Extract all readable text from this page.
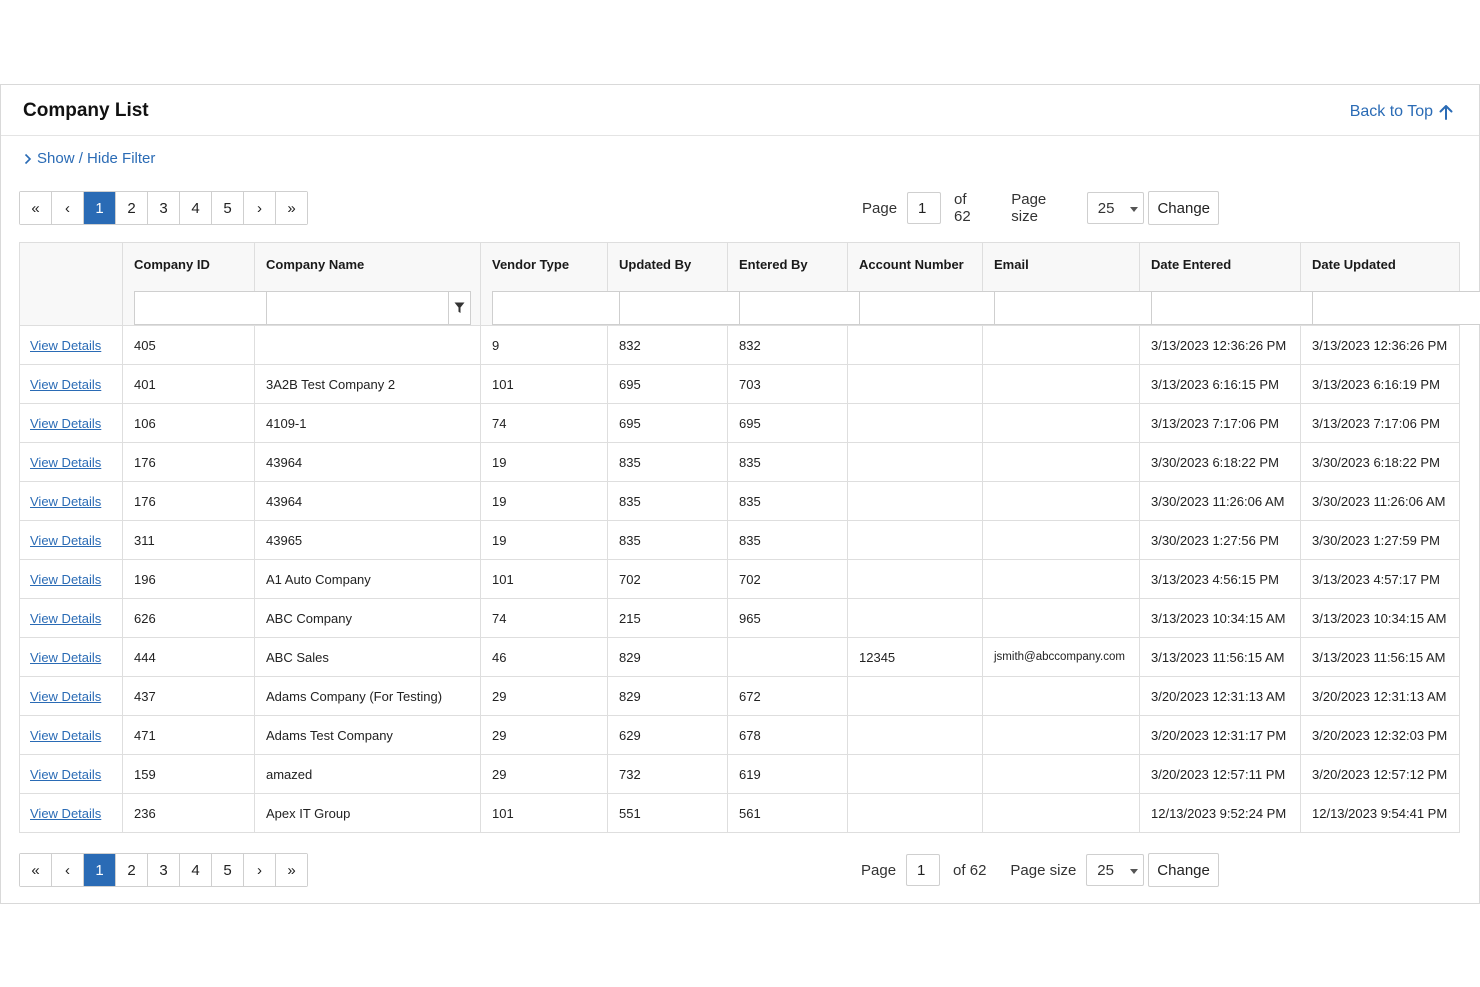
Company List	Back to Top
Show / Hide Filter
«	‹	1	2	3	4	5	›	»	Page
1	of 62
Page size	25	Change

	Company ID	Company Name	Vendor Type	Updated By	Entered By	Account Number	Email	Date Entered	Date Updated

View Details	405		9	832	832			3/13/2023 12:36:26 PM	3/13/2023 12:36:26 PM
View Details	401	3A2B Test Company 2	101	695	703			3/13/2023 6:16:15 PM	3/13/2023 6:16:19 PM
View Details	106	4109-1	74	695	695			3/13/2023 7:17:06 PM	3/13/2023 7:17:06 PM
View Details	176	43964	19	835	835			3/30/2023 6:18:22 PM	3/30/2023 6:18:22 PM
View Details	176	43964	19	835	835			3/30/2023 11:26:06 AM	3/30/2023 11:26:06 AM
View Details	311	43965	19	835	835			3/30/2023 1:27:56 PM	3/30/2023 1:27:59 PM
View Details	196	A1 Auto Company	101	702	702			3/13/2023 4:56:15 PM	3/13/2023 4:57:17 PM
View Details	626	ABC Company	74	215	965			3/13/2023 10:34:15 AM	3/13/2023 10:34:15 AM
View Details	444	ABC Sales	46	829		12345	jsmith@abccompany.com	3/13/2023 11:56:15 AM	3/13/2023 11:56:15 AM
View Details	437	Adams Company (For Testing)	29	829	672			3/20/2023 12:31:13 AM	3/20/2023 12:31:13 AM
View Details	471	Adams Test Company	29	629	678			3/20/2023 12:31:17 PM	3/20/2023 12:32:03 PM
View Details	159	amazed	29	732	619			3/20/2023 12:57:11 PM	3/20/2023 12:57:12 PM
View Details	236	Apex IT Group	101	551	561			12/13/2023 9:52:24 PM	12/13/2023 9:54:41 PM
«	‹	1	2	3	4	5	›	»	Page
1	of 62 Page size 25	Change
